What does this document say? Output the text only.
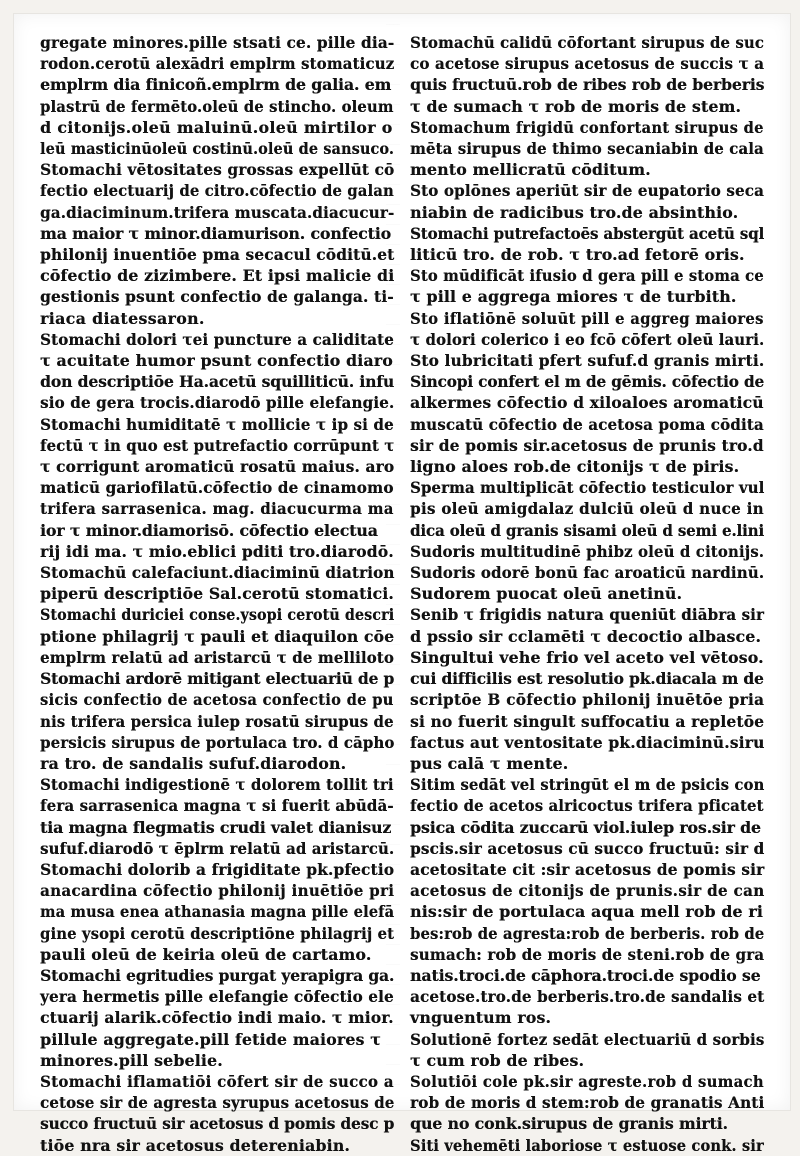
gregate minores.pille stsati ce. pille dia-
rodon.cerotū alexādri emplrm stomaticuz
emplrm dia finicoñ.emplrm de galia. em
plastrū de fermēto.oleū de stincho. oleum
d citonijs.oleū maluinū.oleū mirtilor o
leū masticinūoleū costinū.oleū de sansuco.
Stomachi vētositates grossas expellūt cō
fectio electuarij de citro.cōfectio de galan
ga.diaciminum.trifera muscata.diacucur-
ma maior τ minor.diamurison. confectio
philonij inuentiōe pma secacul cōditū.et
cōfectio de zizimbere. Et ipsi malicie di
gestionis psunt confectio de galanga. ti-
riaca diatessaron.
Stomachi dolori τei puncture a caliditate
τ acuitate humor psunt confectio diaro
don descriptiōe Ha.acetū squilliticū. infu
sio de gera trocis.diarodō pille elefangie.
Stomachi humiditatē τ mollicie τ ip si de
fectū τ in quo est putrefactio corrūpunt τ
τ corrigunt aromaticū rosatū maius. aro
maticū gariofilatū.cōfectio de cinamomo
trifera sarrasenica. mag. diacucurma ma
ior τ minor.diamorisō. cōfectio electua
rij idi ma. τ mio.eblici pditi tro.diarodō.
Stomachū calefaciunt.diaciminū diatrion
piperū descriptiōe Sal.cerotū stomatici.
Stomachi duriciei conse.ysopi cerotū descri
ptione philagrij τ pauli et diaquilon cōe
emplrm relatū ad aristarcū τ de melliloto
Stomachi ardorē mitigant electuariū de p
sicis confectio de acetosa confectio de pu
nis trifera persica iulep rosatū sirupus de
persicis sirupus de portulaca tro. d cāpho
ra tro. de sandalis sufuf.diarodon.
Stomachi indigestionē τ dolorem tollit tri
fera sarrasenica magna τ si fuerit abūdā-
tia magna flegmatis crudi valet dianisuz
sufuf.diarodō τ ēplrm relatū ad aristarcū.
Stomachi dolorib a frigiditate pk.pfectio
anacardina cōfectio philonij inuētiōe pri
ma musa enea athanasia magna pille elefā
gine ysopi cerotū descriptiōne philagrij et
pauli oleū de keiria oleū de cartamo.
Stomachi egritudies purgat yerapigra ga.
yera hermetis pille elefangie cōfectio ele
ctuarij alarik.cōfectio indi maio. τ mior.
pillule aggregate.pill fetide maiores τ
minores.pill sebelie.
Stomachi iflamatiōi cōfert sir de succo a
cetose sir de agresta syrupus acetosus de
succo fructuū sir acetosus d pomis desc p
tiōe nra sir acetosus detereniabin.
Stomachū calidū cōfortant sirupus de suc
co acetose sirupus acetosus de succis τ a
quis fructuū.rob de ribes rob de berberis
τ de sumach τ rob de moris de stem.
Stomachum frigidū confortant sirupus de
mēta sirupus de thimo secaniabin de cala
mento mellicratū cōditum.
Sto oplōnes aperiūt sir de eupatorio seca
niabin de radicibus tro.de absinthio.
Stomachi putrefactoēs abstergūt acetū sql
liticū tro. de rob. τ tro.ad fetorē oris.
Sto mūdificāt ifusio d gera pill e stoma ce
τ pill e aggrega miores τ de turbith.
Sto iflatiōnē soluūt pill e aggreg maiores
τ dolori colerico i eo fcō cōfert oleū lauri.
Sto lubricitati pfert sufuf.d granis mirti.
Sincopi confert el m de gēmis. cōfectio de
alkermes cōfectio d xiloaloes aromaticū
muscatū cōfectio de acetosa poma cōdita
sir de pomis sir.acetosus de prunis tro.d
ligno aloes rob.de citonijs τ de piris.
Sperma multiplicāt cōfectio testiculor vul
pis oleū amigdalaz dulciū oleū d nuce in
dica oleū d granis sisami oleū d semi e.lini
Sudoris multitudinē phibz oleū d citonijs.
Sudoris odorē bonū fac aroaticū nardinū.
Sudorem puocat oleū anetinū.
Senib τ frigidis natura queniūt diābra sir
d pssio sir cclamēti τ decoctio albasce.
Singultui vehe frio vel aceto vel vētoso.
cui difficilis est resolutio pk.diacala m de
scriptōe B cōfectio philonij inuētōe pria
si no fuerit singult suffocatiu a repletōe
factus aut ventositate pk.diaciminū.siru
pus calā τ mente.
Sitim sedāt vel stringūt el m de psicis con
fectio de acetos alricoctus trifera pficatet
psica cōdita zuccarū viol.iulep ros.sir de
pscis.sir acetosus cū succo fructuū: sir d
acetositate cit :sir acetosus de pomis sir
acetosus de citonijs de prunis.sir de can
nis:sir de portulaca aqua mell rob de ri
bes:rob de agresta:rob de berberis. rob de
sumach: rob de moris de steni.rob de gra
natis.troci.de cāphora.troci.de spodio se
acetose.tro.de berberis.tro.de sandalis et
vnguentum ros.
Solutionē fortez sedāt electuariū d sorbis
τ cum rob de ribes.
Solutiōi cole pk.sir agreste.rob d sumach
rob de moris d stem:rob de granatis Anti
que no conk.sirupus de granis mirti.
Siti vehemēti laboriose τ estuose conk. sir
